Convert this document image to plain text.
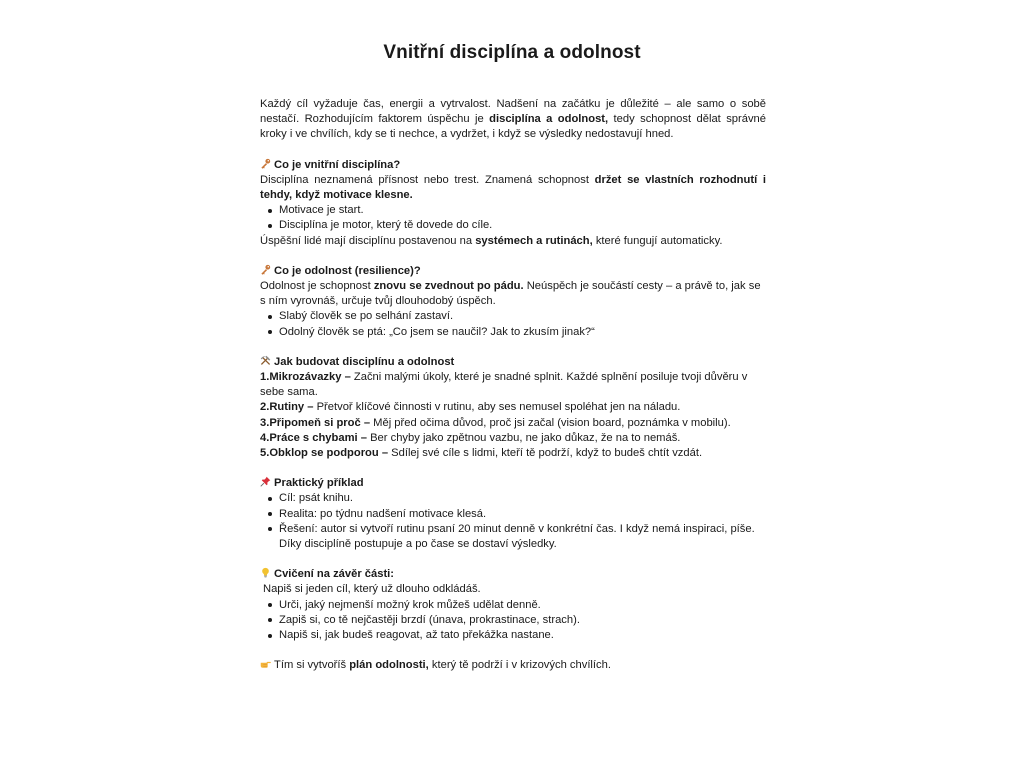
Vnitřní disciplína a odolnost

Každý cíl vyžaduje čas, energii a vytrvalost. Nadšení na začátku je důležité – ale samo o sobě nestačí. Rozhodujícím faktorem úspěchu je disciplína a odolnost, tedy schopnost dělat správné kroky i ve chvílích, kdy se ti nechce, a vydržet, i když se výsledky nedostavují hned.

Co je vnitřní disciplína?

Disciplína neznamená přísnost nebo trest. Znamená schopnost držet se vlastních rozhodnutí i tehdy, když motivace klesne.

Motivace je start.
Disciplína je motor, který tě dovede do cíle.

Úspěšní lidé mají disciplínu postavenou na systémech a rutinách, které fungují automaticky.

Co je odolnost (resilience)?

Odolnost je schopnost znovu se zvednout po pádu. Neúspěch je součástí cesty – a právě to, jak se s ním vyrovnáš, určuje tvůj dlouhodobý úspěch.

Slabý člověk se po selhání zastaví.
Odolný člověk se ptá: „Co jsem se naučil? Jak to zkusím jinak?“

Jak budovat disciplínu a odolnost

1.Mikrozávazky – Začni malými úkoly, které je snadné splnit. Každé splnění posiluje tvoji důvěru v sebe sama.

2.Rutiny – Přetvoř klíčové činnosti v rutinu, aby ses nemusel spoléhat jen na náladu.

3.Připomeň si proč – Měj před očima důvod, proč jsi začal (vision board, poznámka v mobilu).

4.Práce s chybami – Ber chyby jako zpětnou vazbu, ne jako důkaz, že na to nemáš.

5.Obklop se podporou – Sdílej své cíle s lidmi, kteří tě podrží, když to budeš chtít vzdát.

Praktický příklad

Cíl: psát knihu.
Realita: po týdnu nadšení motivace klesá.
Řešení: autor si vytvoří rutinu psaní 20 minut denně v konkrétní čas. I když nemá inspiraci, píše. Díky disciplíně postupuje a po čase se dostaví výsledky.

Cvičení na závěr části:

Napiš si jeden cíl, který už dlouho odkládáš.

Urči, jaký nejmenší možný krok můžeš udělat denně.
Zapiš si, co tě nejčastěji brzdí (únava, prokrastinace, strach).
Napiš si, jak budeš reagovat, až tato překážka nastane.

Tím si vytvoříš plán odolnosti, který tě podrží i v krizových chvílích.
